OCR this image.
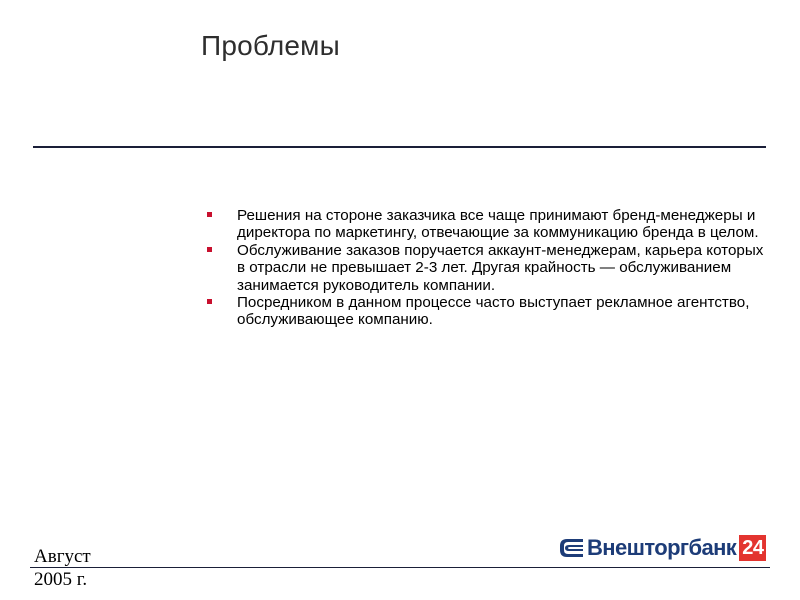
Проблемы
Решения на стороне заказчика все чаще принимают бренд-менеджеры и директора по маркетингу, отвечающие за коммуникацию бренда в целом.
Обслуживание заказов поручается аккаунт-менеджерам, карьера которых в отрасли не превышает 2-3 лет. Другая крайность — обслуживанием занимается руководитель компании.
Посредником в данном процессе часто выступает рекламное агентство, обслуживающее компанию.
Август
2005 г.
Внешторгбанк 24
